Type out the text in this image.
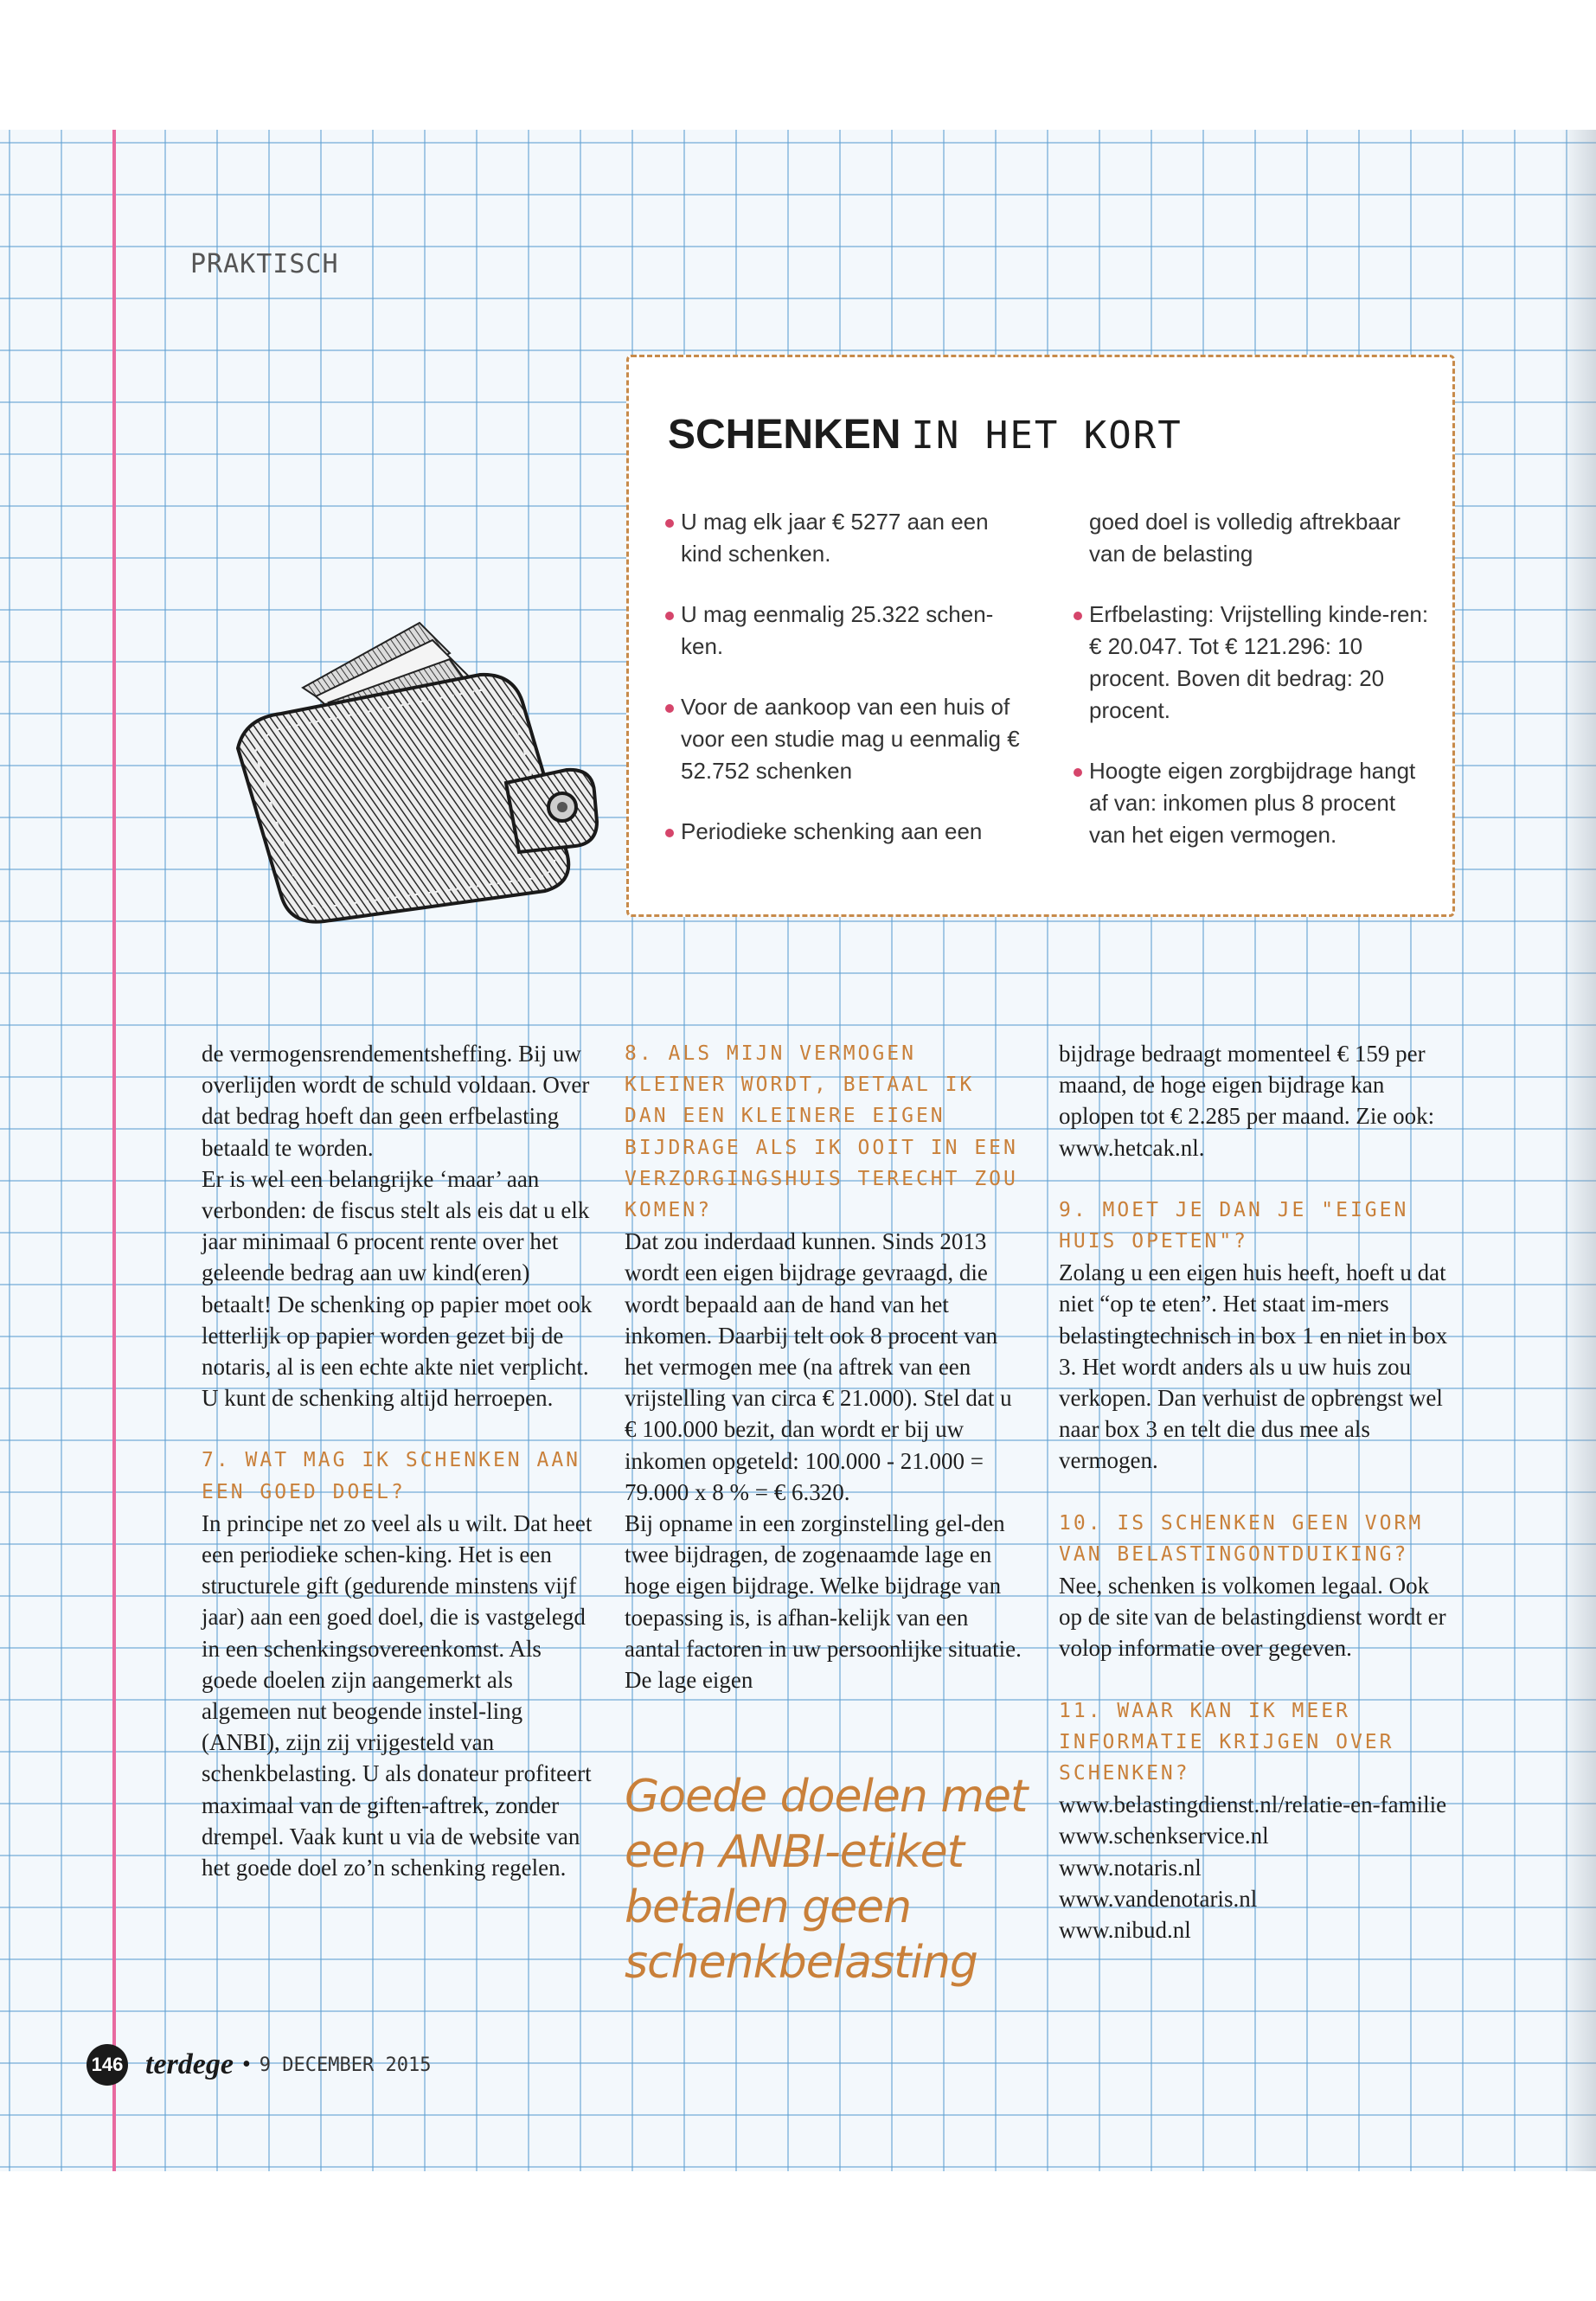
PRAKTISCH
SCHENKEN IN HET KORT

U mag elk jaar € 5277 aan een kind schenken.

U mag eenmalig 25.322 schen-ken.

Voor de aankoop van een huis of voor een studie mag u eenmalig € 52.752 schenken

Periodieke schenking aan een

goed doel is volledig aftrekbaar van de belasting

Erfbelasting: Vrijstelling kinde-ren: € 20.047. Tot € 121.296: 10 procent. Boven dit bedrag: 20 procent.

Hoogte eigen zorgbijdrage hangt af van: inkomen plus 8 procent van het eigen vermogen.

de vermogensrendementsheffing. Bij uw overlijden wordt de schuld voldaan. Over dat bedrag hoeft dan geen erfbelasting betaald te worden.

Er is wel een belangrijke ‘maar’ aan verbonden: de fiscus stelt als eis dat u elk jaar minimaal 6 procent rente over het geleende bedrag aan uw kind(eren) betaalt! De schenking op papier moet ook letterlijk op papier worden gezet bij de notaris, al is een echte akte niet verplicht. U kunt de schenking altijd herroepen.

7. WAT MAG IK SCHENKEN AAN EEN GOED DOEL?

In principe net zo veel als u wilt. Dat heet een periodieke schen-king. Het is een structurele gift (gedurende minstens vijf jaar) aan een goed doel, die is vastgelegd in een schenkingsovereenkomst. Als goede doelen zijn aangemerkt als algemeen nut beogende instel-ling (ANBI), zijn zij vrijgesteld van schenkbelasting. U als donateur profiteert maximaal van de giften-aftrek, zonder drempel. Vaak kunt u via de website van het goede doel zo’n schenking regelen.

8. ALS MIJN VERMOGEN KLEINER WORDT, BETAAL IK DAN EEN KLEINERE EIGEN BIJDRAGE ALS IK OOIT IN EEN VERZORGINGSHUIS TERECHT ZOU KOMEN?

Dat zou inderdaad kunnen. Sinds 2013 wordt een eigen bijdrage gevraagd, die wordt bepaald aan de hand van het inkomen. Daarbij telt ook 8 procent van het vermogen mee (na aftrek van een vrijstelling van circa € 21.000). Stel dat u € 100.000 bezit, dan wordt er bij uw inkomen opgeteld: 100.000 - 21.000 = 79.000 x 8 % = € 6.320.

Bij opname in een zorginstelling gel-den twee bijdragen, de zogenaamde lage en hoge eigen bijdrage. Welke bijdrage van toepassing is, is afhan-kelijk van een aantal factoren in uw persoonlijke situatie. De lage eigen

Goede doelen met een ANBI-etiket betalen geen schenkbelasting

bijdrage bedraagt momenteel € 159 per maand, de hoge eigen bijdrage kan oplopen tot € 2.285 per maand. Zie ook: www.hetcak.nl.

9. MOET JE DAN JE "EIGEN HUIS OPETEN"?

Zolang u een eigen huis heeft, hoeft u dat niet “op te eten”. Het staat im-mers belastingtechnisch in box 1 en niet in box 3. Het wordt anders als u uw huis zou verkopen. Dan verhuist de opbrengst wel naar box 3 en telt die dus mee als vermogen.

10. IS SCHENKEN GEEN VORM VAN BELASTINGONTDUIKING?

Nee, schenken is volkomen legaal. Ook op de site van de belastingdienst wordt er volop informatie over gegeven.

11. WAAR KAN IK MEER INFORMATIE KRIJGEN OVER SCHENKEN?

www.belastingdienst.nl/relatie-en-familie

www.schenkservice.nl

www.notaris.nl

www.vandenotaris.nl

www.nibud.nl

146 terdege • 9 DECEMBER 2015
